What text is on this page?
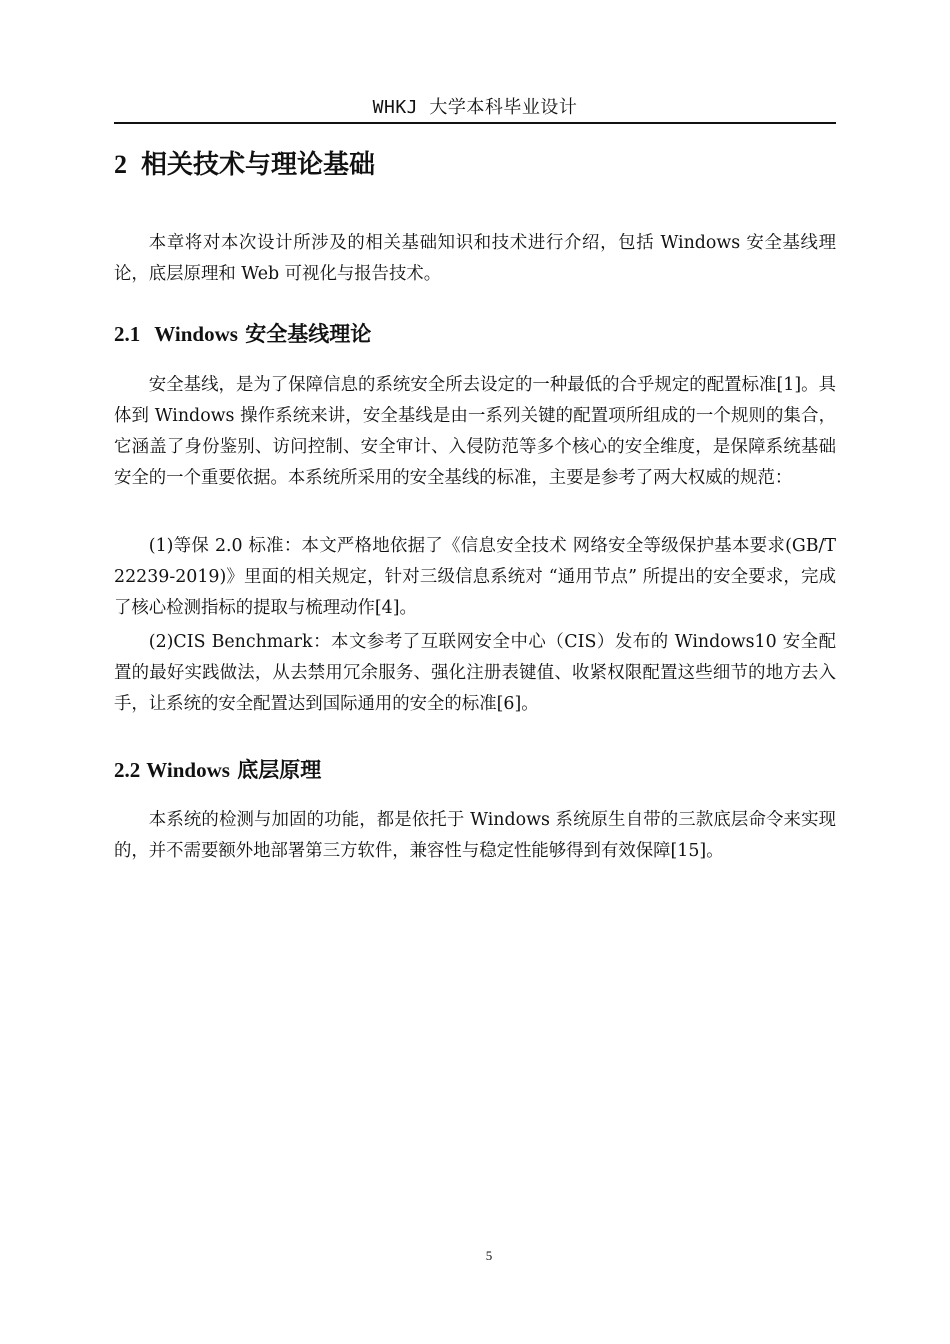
WHKJ 大学本科毕业设计
2 相关技术与理论基础

本章将对本次设计所涉及的相关基础知识和技术进行介绍，包括 Windows 安全基线理论，底层原理和 Web 可视化与报告技术。

2.1 Windows 安全基线理论

安全基线，是为了保障信息的系统安全所去设定的一种最低的合乎规定的配置标准[1]。具体到 Windows 操作系统来讲，安全基线是由一系列关键的配置项所组成的一个规则的集合，它涵盖了身份鉴别、访问控制、安全审计、入侵防范等多个核心的安全维度，是保障系统基础安全的一个重要依据。本系统所采用的安全基线的标准，主要是参考了两大权威的规范：

(1)等保 2.0 标准：本文严格地依据了《信息安全技术 网络安全等级保护基本要求(GB/T 22239-2019)》里面的相关规定，针对三级信息系统对 “通用节点” 所提出的安全要求，完成了核心检测指标的提取与梳理动作[4]。

(2)CIS Benchmark：本文参考了互联网安全中心（CIS）发布的 Windows10 安全配置的最好实践做法，从去禁用冗余服务、强化注册表键值、收紧权限配置这些细节的地方去入手，让系统的安全配置达到国际通用的安全的标准[6]。

2.2 Windows 底层原理

本系统的检测与加固的功能，都是依托于 Windows 系统原生自带的三款底层命令来实现的，并不需要额外地部署第三方软件，兼容性与稳定性能够得到有效保障[15]。

5
